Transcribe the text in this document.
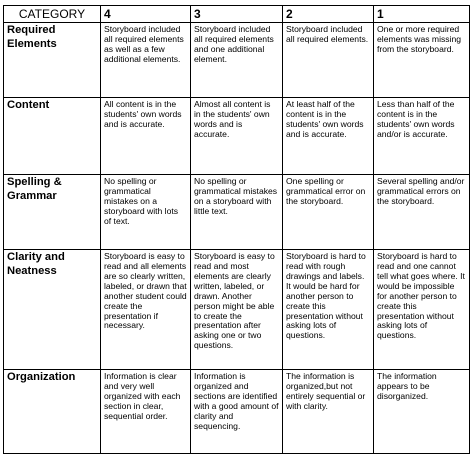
CATEGORY	4	3	2	1
Required Elements	Storyboard included all required elements as well as a few additional elements.	Storyboard included all required elements and one additional element.	Storyboard included all required elements.	One or more required elements was missing from the storyboard.
Content	All content is in the students' own words and is accurate.	Almost all content is in the students' own words and is accurate.	At least half of the content is in the students' own words and is accurate.	Less than half of the content is in the students' own words and/or is accurate.
Spelling & Grammar	No spelling or grammatical mistakes on a storyboard with lots of text.	No spelling or grammatical mistakes on a storyboard with little text.	One spelling or grammatical error on the storyboard.	Several spelling and/or grammatical errors on the storyboard.
Clarity and Neatness	Storyboard is easy to read and all elements are so clearly written, labeled, or drawn that another student could create the presentation if necessary.	Storyboard is easy to read and most elements are clearly written, labeled, or drawn. Another person might be able to create the presentation after asking one or two questions.	Storyboard is hard to read with rough drawings and labels. It would be hard for another person to create this presentation without asking lots of questions.	Storyboard is hard to read and one cannot tell what goes where. It would be impossible for another person to create this presentation without asking lots of questions.
Organization	Information is clear and very well organized with each section in clear, sequential order.	Information is organized and sections are identified with a good amount of clarity and sequencing.	The information is organized,but not entirely sequential or with clarity.	The information appears to be disorganized.
